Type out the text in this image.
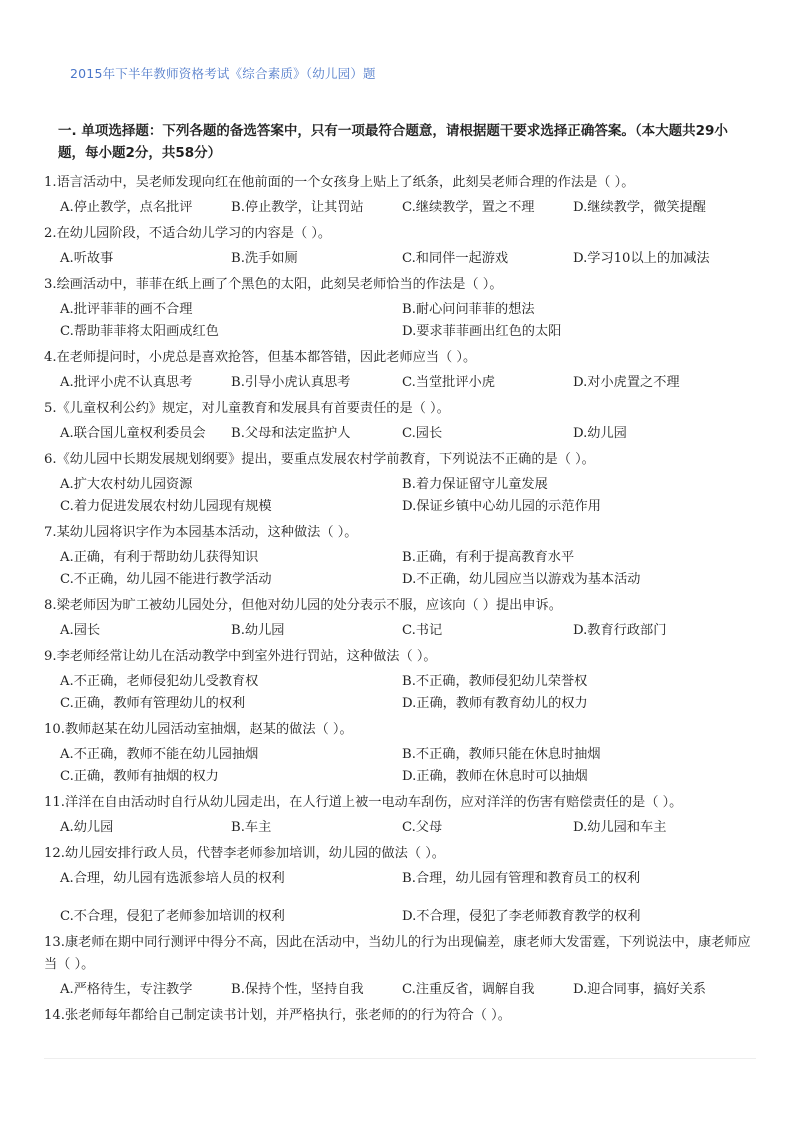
2015年下半年教师资格考试《综合素质》（幼儿园）题
一. 单项选择题：下列各题的备选答案中，只有一项最符合题意，请根据题干要求选择正确答案。（本大题共29小题，每小题2分，共58分）
1.语言活动中，吴老师发现向红在他前面的一个女孩身上贴上了纸条，此刻吴老师合理的作法是（ ）。
A.停止教学，点名批评	B.停止教学，让其罚站	C.继续教学，置之不理	D.继续教学，微笑提醒
2.在幼儿园阶段，不适合幼儿学习的内容是（ ）。
A.听故事	B.洗手如厕	C.和同伴一起游戏	D.学习10以上的加减法
3.绘画活动中，菲菲在纸上画了个黑色的太阳，此刻吴老师恰当的作法是（ ）。
A.批评菲菲的画不合理	B.耐心问问菲菲的想法
C.帮助菲菲将太阳画成红色	D.要求菲菲画出红色的太阳
4.在老师提问时，小虎总是喜欢抢答，但基本都答错，因此老师应当（ ）。
A.批评小虎不认真思考	B.引导小虎认真思考	C.当堂批评小虎	D.对小虎置之不理
5.《儿童权利公约》规定，对儿童教育和发展具有首要责任的是（ ）。
A.联合国儿童权利委员会	B.父母和法定监护人	C.园长	D.幼儿园
6.《幼儿园中长期发展规划纲要》提出，要重点发展农村学前教育，下列说法不正确的是（ ）。
A.扩大农村幼儿园资源	B.着力保证留守儿童发展
C.着力促进发展农村幼儿园现有规模	D.保证乡镇中心幼儿园的示范作用
7.某幼儿园将识字作为本园基本活动，这种做法（ ）。
A.正确，有利于帮助幼儿获得知识	B.正确，有利于提高教育水平
C.不正确，幼儿园不能进行教学活动	D.不正确，幼儿园应当以游戏为基本活动
8.梁老师因为旷工被幼儿园处分，但他对幼儿园的处分表示不服，应该向（ ）提出申诉。
A.园长	B.幼儿园	C.书记	D.教育行政部门
9.李老师经常让幼儿在活动教学中到室外进行罚站，这种做法（ ）。
A.不正确，老师侵犯幼儿受教育权	B.不正确，教师侵犯幼儿荣誉权
C.正确，教师有管理幼儿的权利	D.正确，教师有教育幼儿的权力
10.教师赵某在幼儿园活动室抽烟，赵某的做法（ ）。
A.不正确，教师不能在幼儿园抽烟	B.不正确，教师只能在休息时抽烟
C.正确，教师有抽烟的权力	D.正确，教师在休息时可以抽烟
11.洋洋在自由活动时自行从幼儿园走出，在人行道上被一电动车刮伤，应对洋洋的伤害有赔偿责任的是（ ）。
A.幼儿园	B.车主	C.父母	D.幼儿园和车主
12.幼儿园安排行政人员，代替李老师参加培训，幼儿园的做法（ ）。
A.合理，幼儿园有选派参培人员的权利	B.合理，幼儿园有管理和教育员工的权利
C.不合理，侵犯了老师参加培训的权利	D.不合理，侵犯了李老师教育教学的权利
13.康老师在期中同行测评中得分不高，因此在活动中，当幼儿的行为出现偏差，康老师大发雷霆，下列说法中，康老师应当（ ）。
A.严格待生，专注教学	B.保持个性，坚持自我	C.注重反省，调解自我	D.迎合同事，搞好关系
14.张老师每年都给自己制定读书计划，并严格执行，张老师的的行为符合（ ）。
